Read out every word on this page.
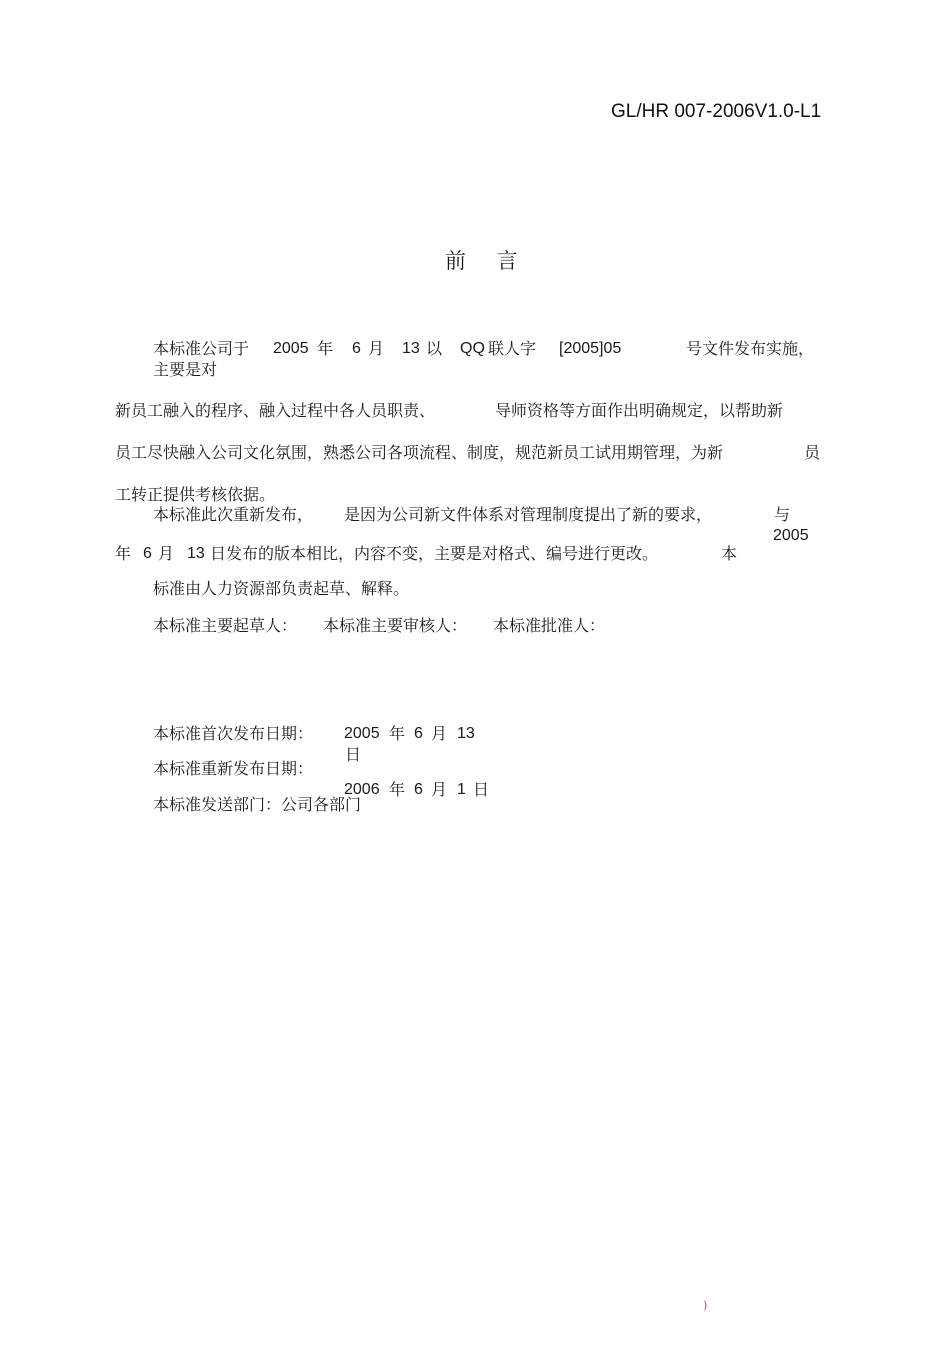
GL/HR 007-2006V1.0-L1
前 言
本标准公司于 2005 年 6 月 13 以 QQ 联人字 [2005]05	号文件发布实施，
主要是对
新员工融入的程序、融入过程中各人员职责、	导师资格等方面作出明确规定，以帮助新
员工尽快融入公司文化氛围，熟悉公司各项流程、制度，规范新员工试用期管理，为新	员
工转正提供考核依据。
本标准此次重新发布， 是因为公司新文件体系对管理制度提出了新的要求，	与
2005
年 6 月 13 日发布的版本相比，内容不变，主要是对格式、编号进行更改。	本
标准由人力资源部负责起草、解释。
本标准主要起草人： 本标准主要审核人： 本标准批准人：
本标准首次发布日期： 2005 年 6 月 13
日
本标准重新发布日期：
2006 年 6 月 1 日
本标准发送部门：公司各部门
)
